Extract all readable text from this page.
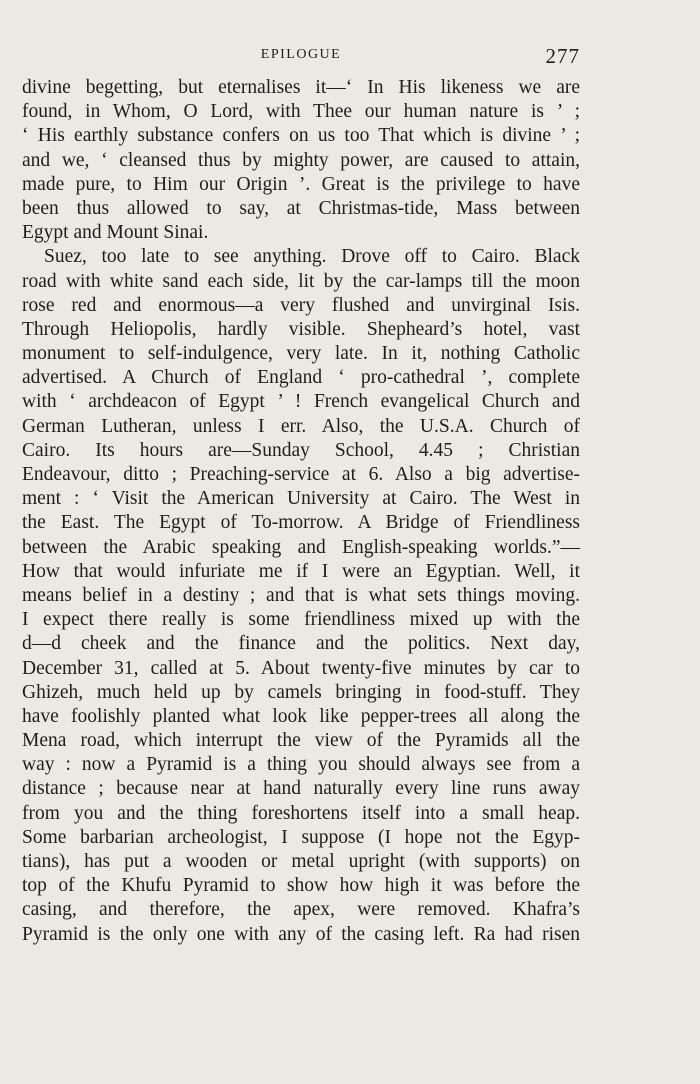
EPILOGUE	277
divine begetting, but eternalises it—‘ In His likeness we are
found, in Whom, O Lord, with Thee our human nature is ’ ;
‘ His earthly substance confers on us too That which is divine ’ ;
and we, ‘ cleansed thus by mighty power, are caused to attain,
made pure, to Him our Origin ’. Great is the privilege to have
been thus allowed to say, at Christmas-tide, Mass between
Egypt and Mount Sinai.
Suez, too late to see anything. Drove off to Cairo. Black
road with white sand each side, lit by the car-lamps till the moon
rose red and enormous—a very flushed and unvirginal Isis.
Through Heliopolis, hardly visible. Shepheard’s hotel, vast
monument to self-indulgence, very late. In it, nothing Catholic
advertised. A Church of England ‘ pro-cathedral ’, complete
with ‘ archdeacon of Egypt ’ ! French evangelical Church and
German Lutheran, unless I err. Also, the U.S.A. Church of
Cairo. Its hours are—Sunday School, 4.45 ; Christian
Endeavour, ditto ; Preaching-service at 6. Also a big advertise-
ment : ‘ Visit the American University at Cairo. The West in
the East. The Egypt of To-morrow. A Bridge of Friendliness
between the Arabic speaking and English-speaking worlds.”—
How that would infuriate me if I were an Egyptian. Well, it
means belief in a destiny ; and that is what sets things moving.
I expect there really is some friendliness mixed up with the
d—d cheek and the finance and the politics. Next day,
December 31, called at 5. About twenty-five minutes by car to
Ghizeh, much held up by camels bringing in food-stuff. They
have foolishly planted what look like pepper-trees all along the
Mena road, which interrupt the view of the Pyramids all the
way : now a Pyramid is a thing you should always see from a
distance ; because near at hand naturally every line runs away
from you and the thing foreshortens itself into a small heap.
Some barbarian archeologist, I suppose (I hope not the Egyp-
tians), has put a wooden or metal upright (with supports) on
top of the Khufu Pyramid to show how high it was before the
casing, and therefore, the apex, were removed. Khafra’s
Pyramid is the only one with any of the casing left. Ra had risen
